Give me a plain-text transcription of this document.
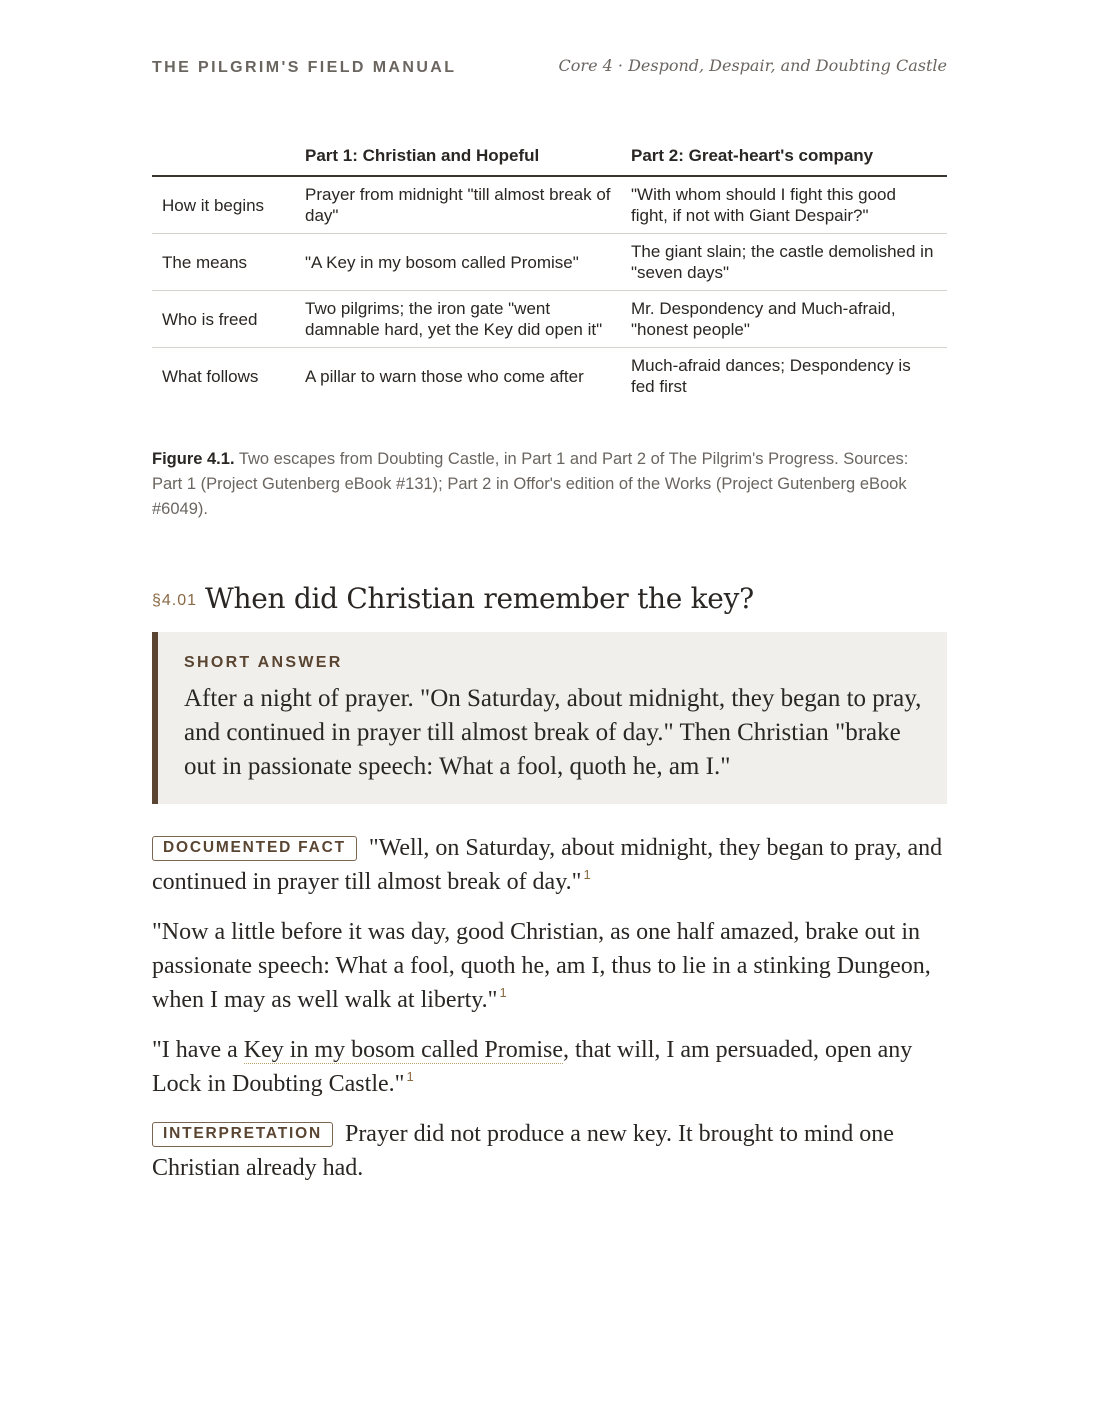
THE PILGRIM'S FIELD MANUAL	Core 4 · Despond, Despair, and Doubting Castle
	Part 1: Christian and Hopeful	Part 2: Great-heart's company
How it begins	Prayer from midnight "till almost break of day"	"With whom should I fight this good fight, if not with Giant Despair?"
The means	"A Key in my bosom called Promise"	The giant slain; the castle demolished in "seven days"
Who is freed	Two pilgrims; the iron gate "went damnable hard, yet the Key did open it"	Mr. Despondency and Much-afraid, "honest people"
What follows	A pillar to warn those who come after	Much-afraid dances; Despondency is fed first
Figure 4.1. Two escapes from Doubting Castle, in Part 1 and Part 2 of The Pilgrim's Progress. Sources: Part 1 (Project Gutenberg eBook #131); Part 2 in Offor's edition of the Works (Project Gutenberg eBook #6049).
§4.01 When did Christian remember the key?
SHORT ANSWER
After a night of prayer. "On Saturday, about midnight, they began to pray, and continued in prayer till almost break of day." Then Christian "brake out in passionate speech: What a fool, quoth he, am I."

DOCUMENTED FACT "Well, on Saturday, about midnight, they began to pray, and continued in prayer till almost break of day." $^1$

"Now a little before it was day, good Christian, as one half amazed, brake out in passionate speech: What a fool, quoth he, am I, thus to lie in a stinking Dungeon, when I may as well walk at liberty." $^1$

"I have a Key in my bosom called Promise, that will, I am persuaded, open any Lock in Doubting Castle." $^1$

INTERPRETATION Prayer did not produce a new key. It brought to mind one Christian already had.
